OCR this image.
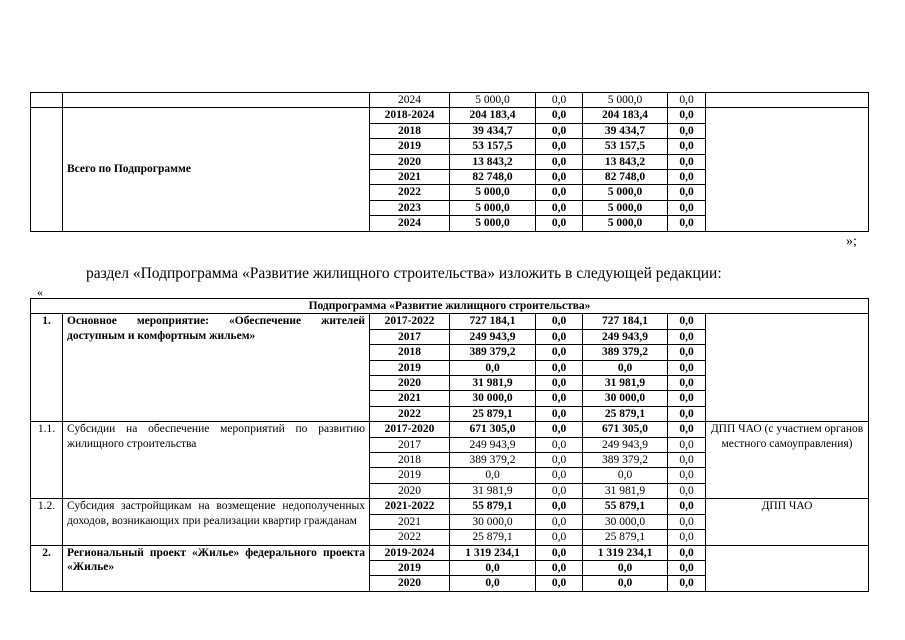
		2024	5 000,0	0,0	5 000,0	0,0	
	Всего по Подпрограмме	2018-2024	204 183,4	0,0	204 183,4	0,0	
		2018	39 434,7	0,0	39 434,7	0,0	
		2019	53 157,5	0,0	53 157,5	0,0	
		2020	13 843,2	0,0	13 843,2	0,0	
		2021	82 748,0	0,0	82 748,0	0,0	
		2022	5 000,0	0,0	5 000,0	0,0	
		2023	5 000,0	0,0	5 000,0	0,0	
		2024	5 000,0	0,0	5 000,0	0,0	
»;
раздел «Подпрограмма «Развитие жилищного строительства» изложить в следующей редакции:
«
Подпрограмма «Развитие жилищного строительства»							
1.	Основное мероприятие: «Обеспечение жителей доступным и комфортным жильем»	2017-2022	727 184,1	0,0	727 184,1	0,0	
		2017	249 943,9	0,0	249 943,9	0,0	
		2018	389 379,2	0,0	389 379,2	0,0	
		2019	0,0	0,0	0,0	0,0	
		2020	31 981,9	0,0	31 981,9	0,0	
		2021	30 000,0	0,0	30 000,0	0,0	
		2022	25 879,1	0,0	25 879,1	0,0	
1.1.	Субсидии на обеспечение мероприятий по развитию жилищного строительства	2017-2020	671 305,0	0,0	671 305,0	0,0	ДПП ЧАО (с участием органов местного самоуправления)
		2017	249 943,9	0,0	249 943,9	0,0	
		2018	389 379,2	0,0	389 379,2	0,0	
		2019	0,0	0,0	0,0	0,0	
		2020	31 981,9	0,0	31 981,9	0,0	
1.2.	Субсидия застройщикам на возмещение недополученных доходов, возникающих при реализации квартир гражданам	2021-2022	55 879,1	0,0	55 879,1	0,0	ДПП ЧАО
		2021	30 000,0	0,0	30 000,0	0,0	
		2022	25 879,1	0,0	25 879,1	0,0	
2.	Региональный проект «Жилье» федерального проекта «Жилье»	2019-2024	1 319 234,1	0,0	1 319 234,1	0,0	
		2019	0,0	0,0	0,0	0,0	
		2020	0,0	0,0	0,0	0,0	
